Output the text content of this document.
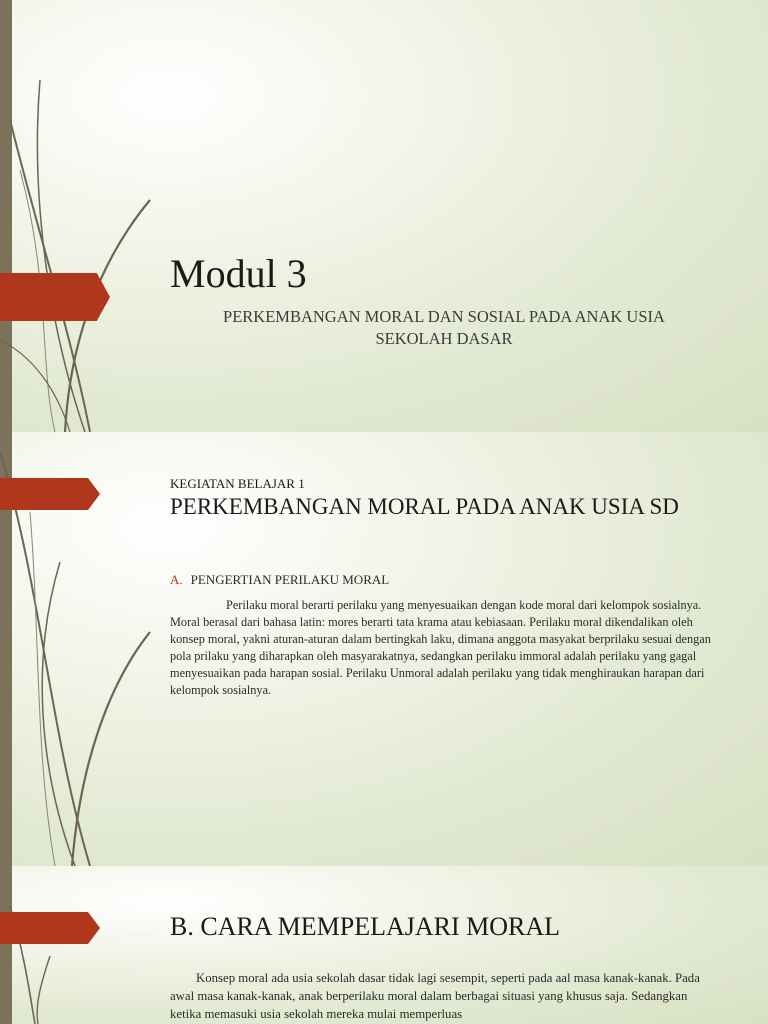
Modul 3

PERKEMBANGAN MORAL DAN SOSIAL PADA ANAK USIA
SEKOLAH DASAR

KEGIATAN BELAJAR 1

PERKEMBANGAN MORAL PADA ANAK USIA SD

A. PENGERTIAN PERILAKU MORAL

Perilaku moral berarti perilaku yang menyesuaikan dengan kode moral dari kelompok sosialnya. Moral berasal dari bahasa latin: mores berarti tata krama atau kebiasaan. Perilaku moral dikendalikan oleh konsep moral, yakni aturan-aturan dalam bertingkah laku, dimana anggota masyakat berprilaku sesuai dengan pola prilaku yang diharapkan oleh masyarakatnya, sedangkan perilaku immoral adalah perilaku yang gagal menyesuaikan pada harapan sosial. Perilaku Unmoral adalah perilaku yang tidak menghiraukan harapan dari kelompok sosialnya.

B. CARA MEMPELAJARI MORAL

Konsep moral ada usia sekolah dasar tidak lagi sesempit, seperti pada aal masa kanak-kanak. Pada awal masa kanak-kanak, anak berperilaku moral dalam berbagai situasi yang khusus saja. Sedangkan ketika memasuki usia sekolah mereka mulai memperluas
